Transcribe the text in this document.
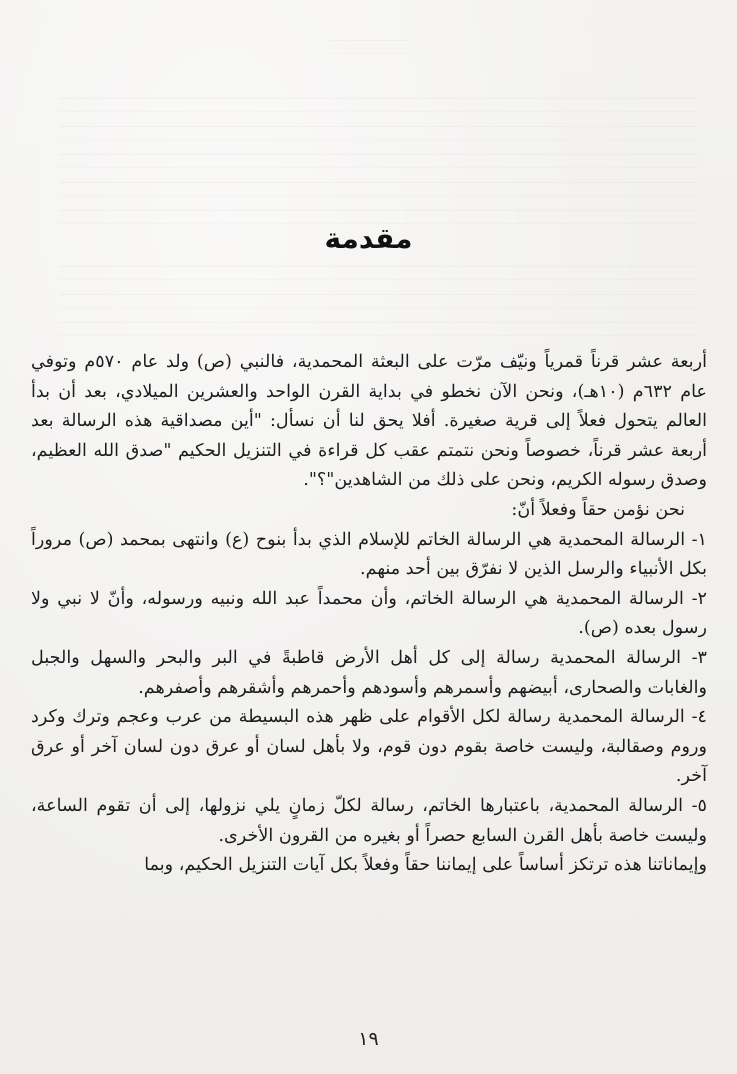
مقدمة

أربعة عشر قرناً قمرياً ونيّف مرّت على البعثة المحمدية، فالنبي (ص) ولد عام ٥٧٠م وتوفي عام ٦٣٢م (١٠هـ)، ونحن الآن نخطو في بداية القرن الواحد والعشرين الميلادي، بعد أن بدأ العالم يتحول فعلاً إلى قرية صغيرة. أفلا يحق لنا أن نسأل: "أين مصداقية هذه الرسالة بعد أربعة عشر قرناً، خصوصاً ونحن نتمتم عقب كل قراءة في التنزيل الحكيم "صدق الله العظيم، وصدق رسوله الكريم، ونحن على ذلك من الشاهدين"؟".

نحن نؤمن حقاً وفعلاً أنّ:

١- الرسالة المحمدية هي الرسالة الخاتم للإسلام الذي بدأ بنوح (ع) وانتهى بمحمد (ص) مروراً بكل الأنبياء والرسل الذين لا نفرّق بين أحد منهم.

٢- الرسالة المحمدية هي الرسالة الخاتم، وأن محمداً عبد الله ونبيه ورسوله، وأنّ لا نبي ولا رسول بعده (ص).

٣- الرسالة المحمدية رسالة إلى كل أهل الأرض قاطبةً في البر والبحر والسهل والجبل والغابات والصحارى، أبيضهم وأسمرهم وأسودهم وأحمرهم وأشقرهم وأصفرهم.

٤- الرسالة المحمدية رسالة لكل الأقوام على ظهر هذه البسيطة من عرب وعجم وترك وكرد وروم وصقالبة، وليست خاصة بقوم دون قوم، ولا بأهل لسان أو عرق دون لسان آخر أو عرق آخر.

٥- الرسالة المحمدية، باعتبارها الخاتم، رسالة لكلّ زمانٍ يلي نزولها، إلى أن تقوم الساعة، وليست خاصة بأهل القرن السابع حصراً أو بغيره من القرون الأخرى.

وإيماناتنا هذه ترتكز أساساً على إيماننا حقاً وفعلاً بكل آيات التنزيل الحكيم، وبما

١٩
